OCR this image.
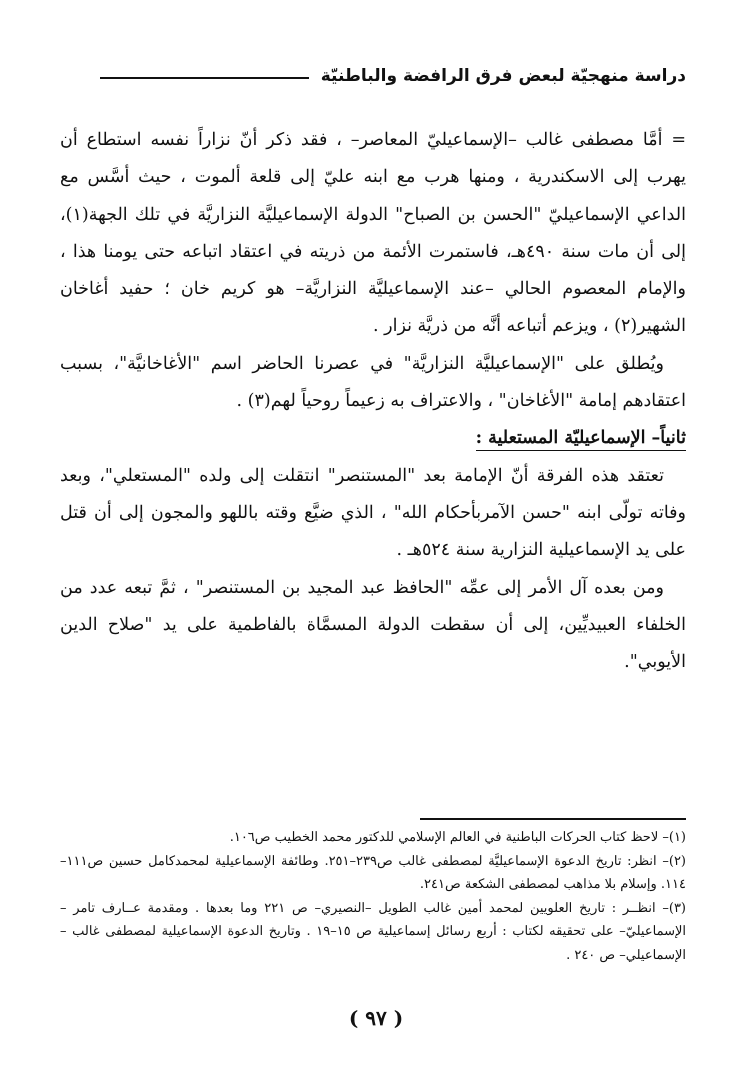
دراسة منهجيّة لبعض فرق الرافضة والباطنيّة

= أمَّا مصطفى غالب –الإسماعيليّ المعاصر– ، فقد ذكر أنّ نزاراً نفسه استطاع أن يهرب إلى الاسكندرية ، ومنها هرب مع ابنه عليّ إلى قلعة ألموت ، حيث أسَّس مع الداعي الإسماعيليّ "الحسن بن الصباح" الدولة الإسماعيليَّة النزاريَّة في تلك الجهة(١)، إلى أن مات سنة ٤٩٠هـ، فاستمرت الأئمة من ذريته في اعتقاد اتباعه حتى يومنا هذا ، والإمام المعصوم الحالي –عند الإسماعيليَّة النزاريَّة– هو كريم خان ؛ حفيد أغاخان الشهير(٢) ، ويزعم أتباعه أنَّه من ذريَّة نزار .

ويُطلق على "الإسماعيليَّة النزاريَّة" في عصرنا الحاضر اسم "الأغاخانيَّة"، بسبب اعتقادهم إمامة "الأغاخان" ، والاعتراف به زعيماً روحياً لهم(٣) .

ثانياً– الإسماعيليّة المستعلية :

تعتقد هذه الفرقة أنّ الإمامة بعد "المستنصر" انتقلت إلى ولده "المستعلي"، وبعد وفاته تولّى ابنه "حسن الآمربأحكام الله" ، الذي ضيَّع وقته باللهو والمجون إلى أن قتل على يد الإسماعيلية النزارية سنة ٥٢٤هـ .

ومن بعده آل الأمر إلى عمِّه "الحافظ عبد المجيد بن المستنصر" ، ثمَّ تبعه عدد من الخلفاء العبيديِّين، إلى أن سقطت الدولة المسمَّاة بالفاطمية على يد "صلاح الدين الأيوبي".

(١)– لاحظ كتاب الحركات الباطنية في العالم الإسلامي للدكتور محمد الخطيب ص١٠٦.

(٢)– انظر: تاريخ الدعوة الإسماعيليَّة لمصطفى غالب ص٢٣٩–٢٥١. وطائفة الإسماعيلية لمحمدكامل حسين ص١١١–١١٤. وإسلام بلا مذاهب لمصطفى الشكعة ص٢٤١.

(٣)– انظــر : تاريخ العلويين لمحمد أمين غالب الطويل –النصيري– ص ٢٢١ وما بعدها . ومقدمة عــارف تامر –الإسماعيليّ– على تحقيقه لكتاب : أربع رسائل إسماعيلية ص ١٥–١٩ . وتاريخ الدعوة الإسماعيلية لمصطفى غالب –الإسماعيلي– ص ٢٤٠ .

( ٩٧ )
